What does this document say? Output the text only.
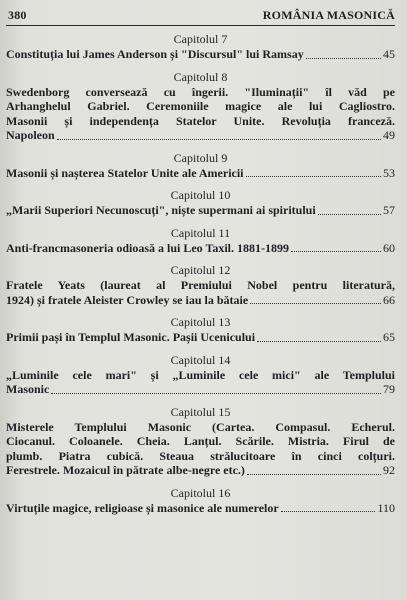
380	ROMÂNIA MASONICĂ
Capitolul 7
Constituția lui James Anderson și "Discursul" lui Ramsay	45
Capitolul 8
Swedenborg conversează cu îngerii. "Iluminații" îl văd pe
Arhanghelul Gabriel. Ceremoniile magice ale lui Cagliostro.
Masonii și independența Statelor Unite. Revoluția franceză.
Napoleon	49
Capitolul 9
Masonii și nașterea Statelor Unite ale Americii	53
Capitolul 10
„Marii Superiori Necunoscuți", niște supermani ai spiritului	57
Capitolul 11
Anti-francmasoneria odioasă a lui Leo Taxil. 1881-1899	60
Capitolul 12
Fratele Yeats (laureat al Premiului Nobel pentru literatură,
1924) și fratele Aleister Crowley se iau la bătaie	66
Capitolul 13
Primii pași în Templul Masonic. Pașii Ucenicului	65
Capitolul 14
„Luminile cele mari" și „Luminile cele mici" ale Templului
Masonic	79
Capitolul 15
Misterele Templului Masonic (Cartea. Compasul. Echerul.
Ciocanul. Coloanele. Cheia. Lanțul. Scările. Mistria. Firul de
plumb. Piatra cubică. Steaua strălucitoare în cinci colțuri.
Ferestrele. Mozaicul în pătrate albe-negre etc.)	92
Capitolul 16
Virtuțile magice, religioase și masonice ale numerelor	110
